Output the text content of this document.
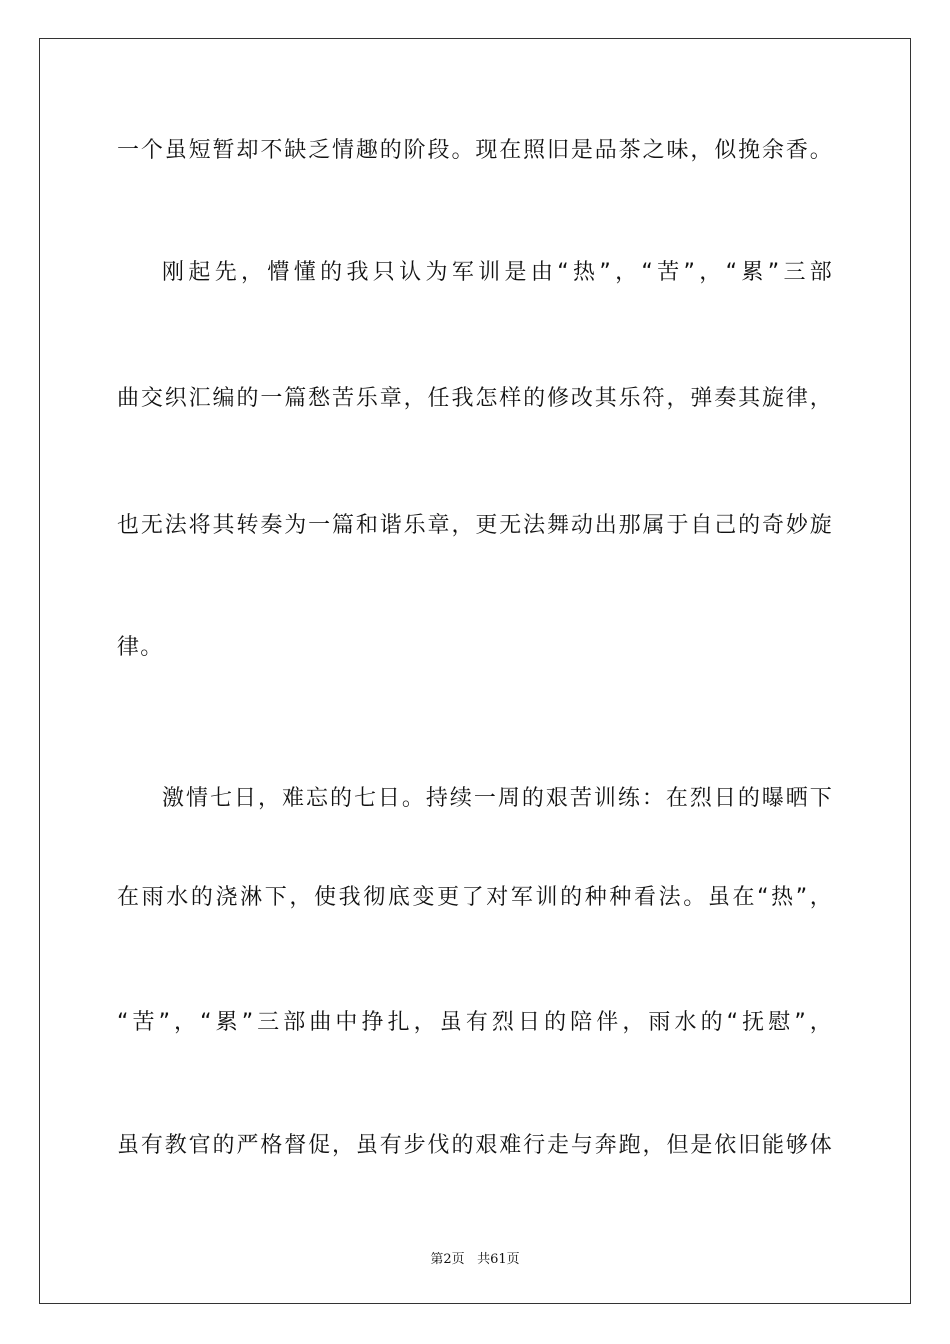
一个虽短暂却不缺乏情趣的阶段。现在照旧是品茶之味，似挽余香。
刚起先，懵懂的我只认为军训是由“热”，“苦”，“累”三部
曲交织汇编的一篇愁苦乐章，任我怎样的修改其乐符，弹奏其旋律，
也无法将其转奏为一篇和谐乐章，更无法舞动出那属于自己的奇妙旋
律。
激情七日，难忘的七日。持续一周的艰苦训练：在烈日的曝晒下
在雨水的浇淋下，使我彻底变更了对军训的种种看法。虽在“热”，
“苦”，“累”三部曲中挣扎，虽有烈日的陪伴，雨水的“抚慰”，
虽有教官的严格督促，虽有步伐的艰难行走与奔跑，但是依旧能够体
第2页 共61页
